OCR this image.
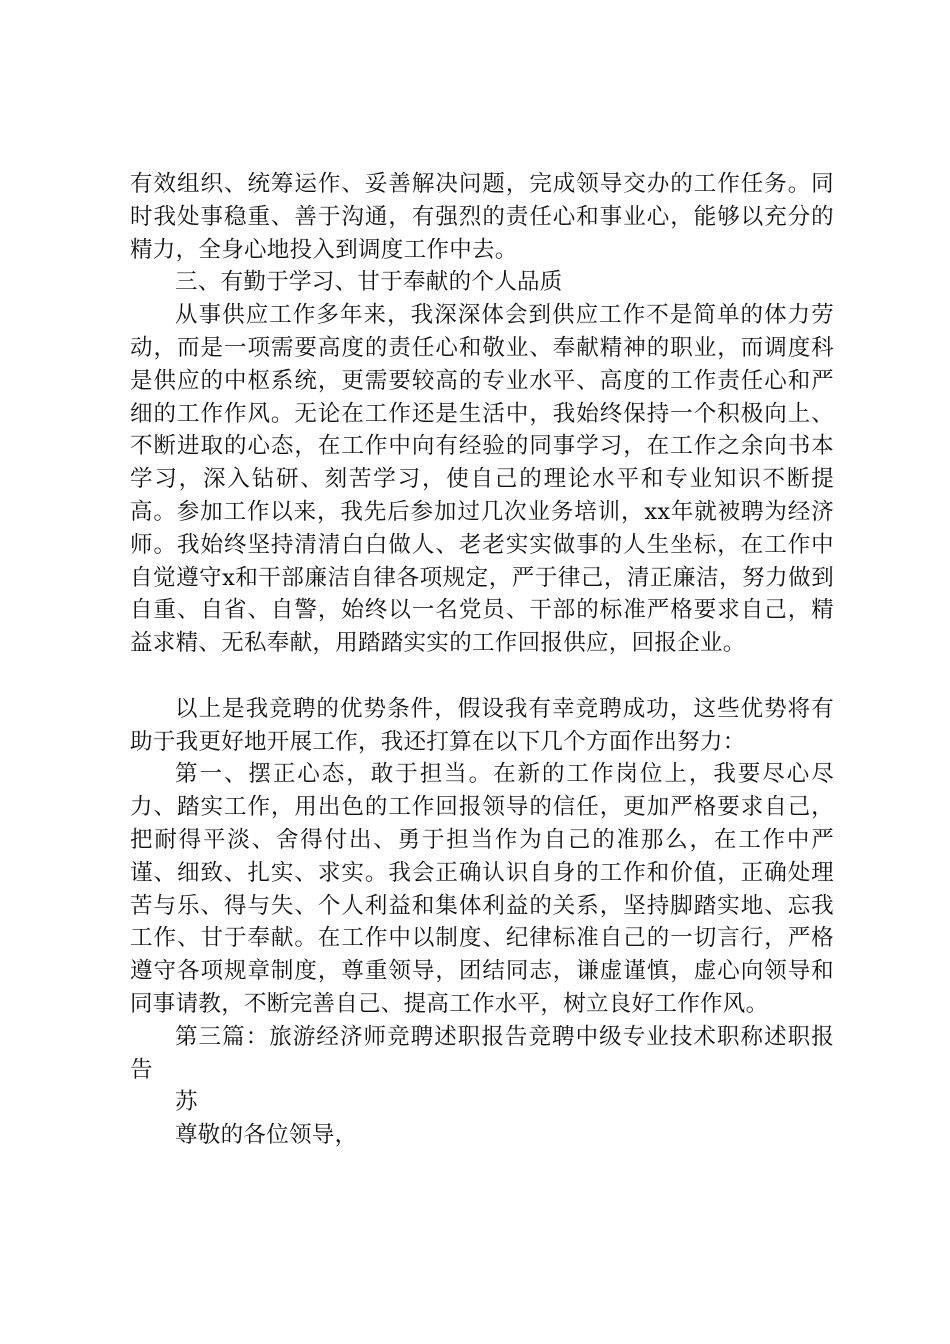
有效组织、统筹运作、妥善解决问题，完成领导交办的工作任务。同时我处事稳重、善于沟通，有强烈的责任心和事业心，能够以充分的精力，全身心地投入到调度工作中去。

三、有勤于学习、甘于奉献的个人品质

从事供应工作多年来，我深深体会到供应工作不是简单的体力劳动，而是一项需要高度的责任心和敬业、奉献精神的职业，而调度科是供应的中枢系统，更需要较高的专业水平、高度的工作责任心和严细的工作作风。无论在工作还是生活中，我始终保持一个积极向上、不断进取的心态，在工作中向有经验的同事学习，在工作之余向书本学习，深入钻研、刻苦学习，使自己的理论水平和专业知识不断提高。参加工作以来，我先后参加过几次业务培训，xx年就被聘为经济师。我始终坚持清清白白做人、老老实实做事的人生坐标，在工作中自觉遵守x和干部廉洁自律各项规定，严于律己，清正廉洁，努力做到自重、自省、自警，始终以一名党员、干部的标准严格要求自己，精益求精、无私奉献，用踏踏实实的工作回报供应，回报企业。

以上是我竞聘的优势条件，假设我有幸竞聘成功，这些优势将有助于我更好地开展工作，我还打算在以下几个方面作出努力：

第一、摆正心态，敢于担当。在新的工作岗位上，我要尽心尽力、踏实工作，用出色的工作回报领导的信任，更加严格要求自己，把耐得平淡、舍得付出、勇于担当作为自己的准那么，在工作中严谨、细致、扎实、求实。我会正确认识自身的工作和价值，正确处理苦与乐、得与失、个人利益和集体利益的关系，坚持脚踏实地、忘我工作、甘于奉献。在工作中以制度、纪律标准自己的一切言行，严格遵守各项规章制度，尊重领导，团结同志，谦虚谨慎，虚心向领导和同事请教，不断完善自己、提高工作水平，树立良好工作作风。

第三篇：旅游经济师竞聘述职报告竞聘中级专业技术职称述职报告

苏

尊敬的各位领导，
